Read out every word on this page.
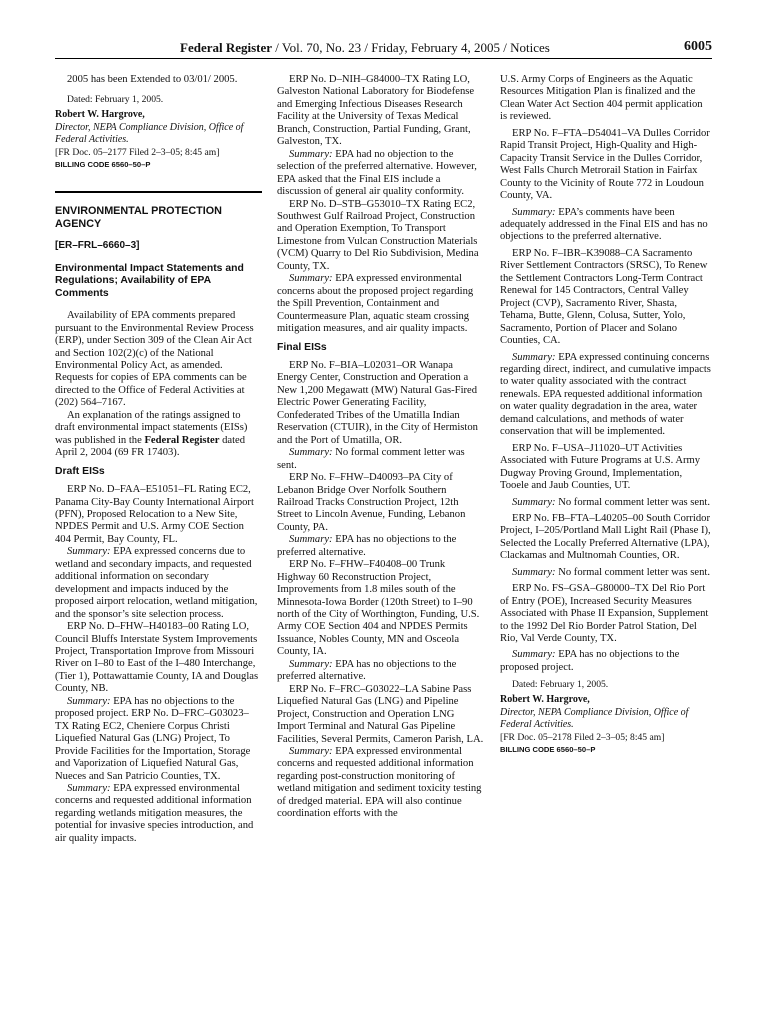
Federal Register / Vol. 70, No. 23 / Friday, February 4, 2005 / Notices	6005

2005 has been Extended to 03/01/ 2005.

Dated: February 1, 2005.

Robert W. Hargrove,

Director, NEPA Compliance Division, Office of Federal Activities.

[FR Doc. 05–2177 Filed 2–3–05; 8:45 am]

BILLING CODE 6560–50–P

ENVIRONMENTAL PROTECTION AGENCY
[ER–FRL–6660–3]
Environmental Impact Statements and Regulations; Availability of EPA Comments

Availability of EPA comments prepared pursuant to the Environmental Review Process (ERP), under Section 309 of the Clean Air Act and Section 102(2)(c) of the National Environmental Policy Act, as amended. Requests for copies of EPA comments can be directed to the Office of Federal Activities at (202) 564–7167.

An explanation of the ratings assigned to draft environmental impact statements (EISs) was published in the Federal Register dated April 2, 2004 (69 FR 17403).

Draft EISs

ERP No. D–FAA–E51051–FL Rating EC2, Panama City-Bay County International Airport (PFN), Proposed Relocation to a New Site, NPDES Permit and U.S. Army COE Section 404 Permit, Bay County, FL.

Summary: EPA expressed concerns due to wetland and secondary impacts, and requested additional information on secondary development and impacts induced by the proposed airport relocation, wetland mitigation, and the sponsor’s site selection process.

ERP No. D–FHW–H40183–00 Rating LO, Council Bluffs Interstate System Improvements Project, Transportation Improve from Missouri River on I–80 to East of the I–480 Interchange, (Tier 1), Pottawattamie County, IA and Douglas County, NB.

Summary: EPA has no objections to the proposed project. ERP No. D–FRC–G03023–TX Rating EC2, Cheniere Corpus Christi Liquefied Natural Gas (LNG) Project, To Provide Facilities for the Importation, Storage and Vaporization of Liquefied Natural Gas, Nueces and San Patricio Counties, TX.

Summary: EPA expressed environmental concerns and requested additional information regarding wetlands mitigation measures, the potential for invasive species introduction, and air quality impacts.

ERP No. D–NIH–G84000–TX Rating LO, Galveston National Laboratory for Biodefense and Emerging Infectious Diseases Research Facility at the University of Texas Medical Branch, Construction, Partial Funding, Grant, Galveston, TX.

Summary: EPA had no objection to the selection of the preferred alternative. However, EPA asked that the Final EIS include a discussion of general air quality conformity.

ERP No. D–STB–G53010–TX Rating EC2, Southwest Gulf Railroad Project, Construction and Operation Exemption, To Transport Limestone from Vulcan Construction Materials (VCM) Quarry to Del Rio Subdivision, Medina County, TX.

Summary: EPA expressed environmental concerns about the proposed project regarding the Spill Prevention, Containment and Countermeasure Plan, aquatic steam crossing mitigation measures, and air quality impacts.

Final EISs

ERP No. F–BIA–L02031–OR Wanapa Energy Center, Construction and Operation a New 1,200 Megawatt (MW) Natural Gas-Fired Electric Power Generating Facility, Confederated Tribes of the Umatilla Indian Reservation (CTUIR), in the City of Hermiston and the Port of Umatilla, OR.

Summary: No formal comment letter was sent.

ERP No. F–FHW–D40093–PA City of Lebanon Bridge Over Norfolk Southern Railroad Tracks Construction Project, 12th Street to Lincoln Avenue, Funding, Lebanon County, PA.

Summary: EPA has no objections to the preferred alternative.

ERP No. F–FHW–F40408–00 Trunk Highway 60 Reconstruction Project, Improvements from 1.8 miles south of the Minnesota-Iowa Border (120th Street) to I–90 north of the City of Worthington, Funding, U.S. Army COE Section 404 and NPDES Permits Issuance, Nobles County, MN and Osceola County, IA.

Summary: EPA has no objections to the preferred alternative.

ERP No. F–FRC–G03022–LA Sabine Pass Liquefied Natural Gas (LNG) and Pipeline Project, Construction and Operation LNG Import Terminal and Natural Gas Pipeline Facilities, Several Permits, Cameron Parish, LA.

Summary: EPA expressed environmental concerns and requested additional information regarding post-construction monitoring of wetland mitigation and sediment toxicity testing of dredged material. EPA will also continue coordination efforts with the

U.S. Army Corps of Engineers as the Aquatic Resources Mitigation Plan is finalized and the Clean Water Act Section 404 permit application is reviewed.

ERP No. F–FTA–D54041–VA Dulles Corridor Rapid Transit Project, High-Quality and High-Capacity Transit Service in the Dulles Corridor, West Falls Church Metrorail Station in Fairfax County to the Vicinity of Route 772 in Loudoun County, VA.

Summary: EPA’s comments have been adequately addressed in the Final EIS and has no objections to the preferred alternative.

ERP No. F–IBR–K39088–CA Sacramento River Settlement Contractors (SRSC), To Renew the Settlement Contractors Long-Term Contract Renewal for 145 Contractors, Central Valley Project (CVP), Sacramento River, Shasta, Tehama, Butte, Glenn, Colusa, Sutter, Yolo, Sacramento, Portion of Placer and Solano Counties, CA.

Summary: EPA expressed continuing concerns regarding direct, indirect, and cumulative impacts to water quality associated with the contract renewals. EPA requested additional information on water quality degradation in the area, water demand calculations, and methods of water conservation that will be implemented.

ERP No. F–USA–J11020–UT Activities Associated with Future Programs at U.S. Army Dugway Proving Ground, Implementation, Tooele and Jaub Counties, UT.

Summary: No formal comment letter was sent.

ERP No. FB–FTA–L40205–00 South Corridor Project, I–205/Portland Mall Light Rail (Phase I), Selected the Locally Preferred Alternative (LPA), Clackamas and Multnomah Counties, OR.

Summary: No formal comment letter was sent.

ERP No. FS–GSA–G80000–TX Del Rio Port of Entry (POE), Increased Security Measures Associated with Phase II Expansion, Supplement to the 1992 Del Rio Border Patrol Station, Del Rio, Val Verde County, TX.

Summary: EPA has no objections to the proposed project.

Dated: February 1, 2005.

Robert W. Hargrove,

Director, NEPA Compliance Division, Office of Federal Activities.

[FR Doc. 05–2178 Filed 2–3–05; 8:45 am]

BILLING CODE 6560–50–P
